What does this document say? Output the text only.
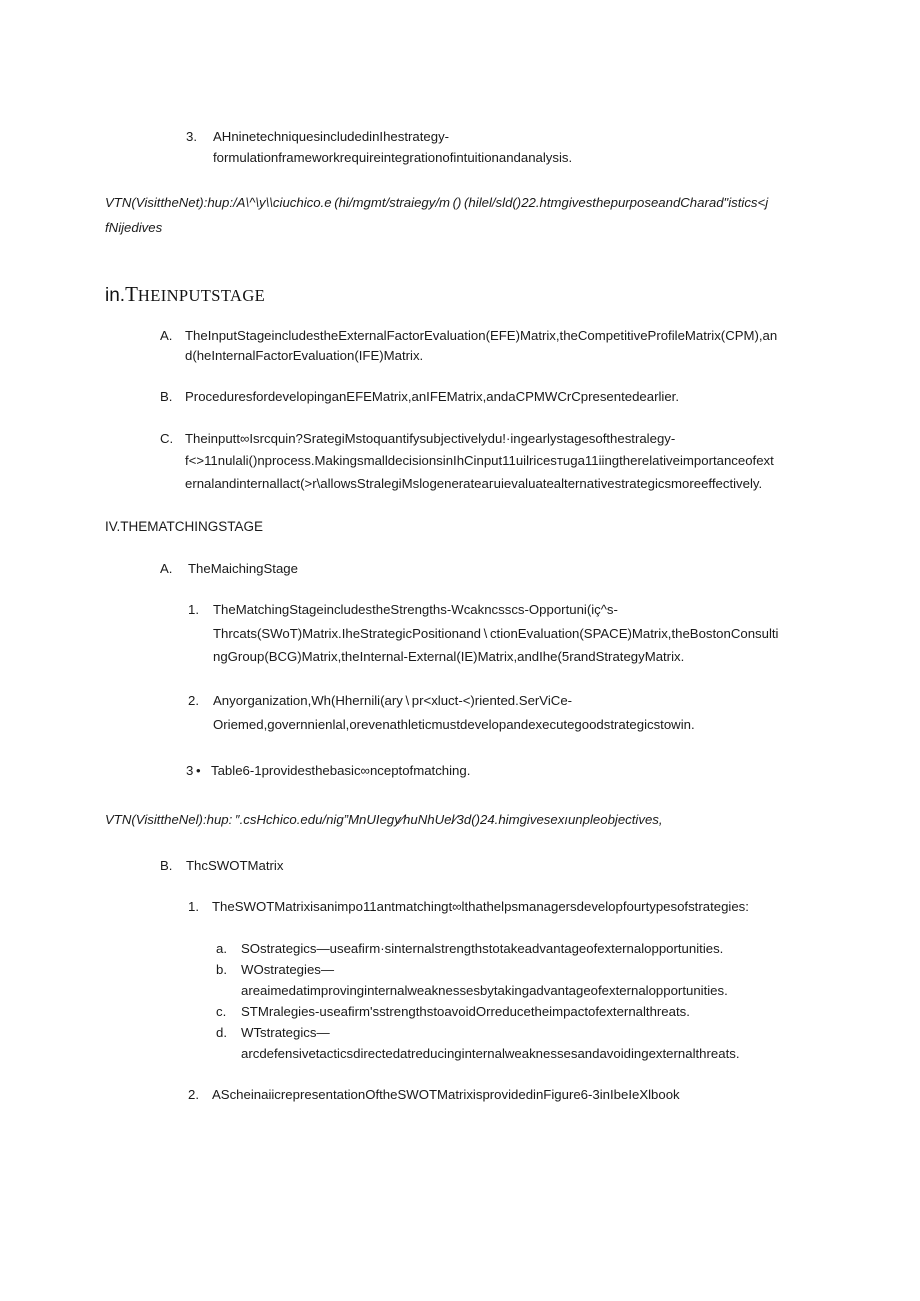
3. AHninetechniquesincludedinIhestrategy-
formulationframeworkrequireintegrationofintuitionandanalysis.
VTN(VisittheNet):hup:/A\^\y\\ciuchico.e (hi/mgmt/straiegy/m () (hilel/sld()22.htmgivesthepurposeandCharad"istics<j
fNijedives
in.THEINPUTSTAGE
A. TheInputStageincludestheExternalFactorEvaluation(EFE)Matrix,theCompetitiveProfileMatrix(CPM),an
d(heInternalFactorEvaluation(IFE)Matrix.
B. ProceduresfordevelopinganEFEMatrix,anIFEMatrix,andaCPMWCrCpresentedearlier.
C. Theinputt∞Isrcquin?SrategiMstoquantifysubjectivelydu!·ingearlystagesofthestralegy-
f<>11nulali()nprocess.MakingsmalldecisionsinIhCinput11uilricesтuga11iingtherelativeimportanceofext
ernalandinternallact(>r\allowsStralegiMslogenerateaгuievaluatealternativestrategicsmoreeffectively.
IV.THEMATCHINGSTAGE
A. TheMaichingStage
1. TheMatchingStageincludestheStrengths-Wcakncsscs-Opportuni(iç^s-
Thrcats(SWoT)Matrix.IheStrategicPositionand \ ctionEvaluation(SPACE)Matrix,theBostonConsulti
ngGroup(BCG)Matrix,theInternal-External(IE)Matrix,andIhe(5randStrategyMatrix.
2. Anyorganization,Wh(Hhernili(ary \ pr<xluct-<)riented.SerViCe-
Oriemed,governnienlal,orevenathleticmustdevelopandexecutegoodstrategicstowin.
3 •  Table6-1providesthebasic∞nceptofmatching.
VTN(VisittheNel):hup: ″.csHchico.edu/nig”MnUIegy⁄huNhUel⁄3d()24.himgivesexıunpleobjectives,
B. ThcSWOTMatrix
1. TheSWOTMatrixisanimpo11antmatchingt∞lthathelpsmanagersdevelopfourtypesofstrategies:
a. SOstrategics—useafirm·sinternalstrengthstotakeadvantageofexternalopportunities.
b. WOstrategies—
areaimedatimprovinginternalweaknessesbytakingadvantageofexternalopportunities.
c. STMralegies-useafirm'sstrengthstoavoidOrreducetheimpactofexternalthreats.
d. WTstrategics—
arcdefensivetacticsdirectedatreducinginternalweaknessesandavoidingexternalthreats.
2. AScheinaiicrepresentationOftheSWOTMatrixisprovidedinFigure6-3inIbeIeXlbook
